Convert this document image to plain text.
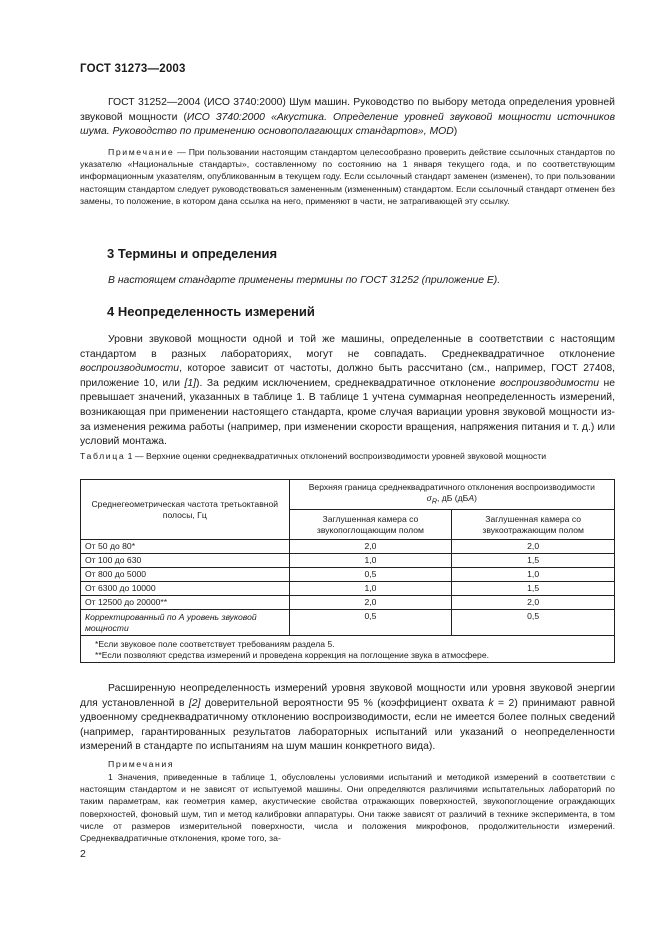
ГОСТ 31273—2003

ГОСТ 31252—2004 (ИСО 3740:2000) Шум машин. Руководство по выбору метода определения уровней звуковой мощности (ИСО 3740:2000 «Акустика. Определение уровней звуковой мощности источников шума. Руководство по применению основополагающих стандартов», MOD)

Примечание — При пользовании настоящим стандартом целесообразно проверить действие ссылочных стандартов по указателю «Национальные стандарты», составленному по состоянию на 1 января текущего года, и по соответствующим информационным указателям, опубликованным в текущем году. Если ссылочный стандарт заменен (изменен), то при пользовании настоящим стандартом следует руководствоваться замененным (измененным) стандартом. Если ссылочный стандарт отменен без замены, то положение, в котором дана ссылка на него, применяют в части, не затрагивающей эту ссылку.

3 Термины и определения

В настоящем стандарте применены термины по ГОСТ 31252 (приложение Е).

4 Неопределенность измерений

Уровни звуковой мощности одной и той же машины, определенные в соответствии с настоящим стандартом в разных лабораториях, могут не совпадать. Среднеквадратичное отклонение воспроизводимости, которое зависит от частоты, должно быть рассчитано (см., например, ГОСТ 27408, приложение 10, или [1]). За редким исключением, среднеквадратичное отклонение воспроизводимости не превышает значений, указанных в таблице 1. В таблице 1 учтена суммарная неопределенность измерений, возникающая при применении настоящего стандарта, кроме случая вариации уровня звуковой мощности из-за изменения режима работы (например, при изменении скорости вращения, напряжения питания и т. д.) или условий монтажа.

Таблица 1 — Верхние оценки среднеквадратичных отклонений воспроизводимости уровней звуковой мощности

Среднегеометрическая частота третьоктавной полосы, Гц	Верхняя граница среднеквадратичного отклонения воспроизводимости
$\sigma_R$, дБ (дБA)	
	Заглушенная камера со звукопоглощающим полом	Заглушенная камера со звукоотражающим полом
От 50 до 80*	2,0	2,0
От 100 до 630	1,0	1,5
От 800 до 5000	0,5	1,0
От 6300 до 10000	1,0	1,5
От 12500 до 20000**	2,0	2,0
Корректированный по А уровень звуковой мощности	0,5	0,5

*Если звуковое поле соответствует требованиям раздела 5.
**Если позволяют средства измерений и проведена коррекция на поглощение звука в атмосфере.		

Расширенную неопределенность измерений уровня звуковой мощности или уровня звуковой энергии для установленной в [2] доверительной вероятности 95 % (коэффициент охвата k = 2) принимают равной удвоенному среднеквадратичному отклонению воспроизводимости, если не имеется более полных сведений (например, гарантированных результатов лабораторных испытаний или указаний о неопределенности измерений в стандарте по испытаниям на шум машин конкретного вида).

Примечания

1 Значения, приведенные в таблице 1, обусловлены условиями испытаний и методикой измерений в соответствии с настоящим стандартом и не зависят от испытуемой машины. Они определяются различиями испытательных лабораторий по таким параметрам, как геометрия камер, акустические свойства отражающих поверхностей, звукопоглощение ограждающих поверхностей, фоновый шум, тип и метод калибровки аппаратуры. Они также зависят от различий в технике эксперимента, в том числе от размеров измерительной поверхности, числа и положения микрофонов, продолжительности измерений. Среднеквадратичные отклонения, кроме того, за-

2
